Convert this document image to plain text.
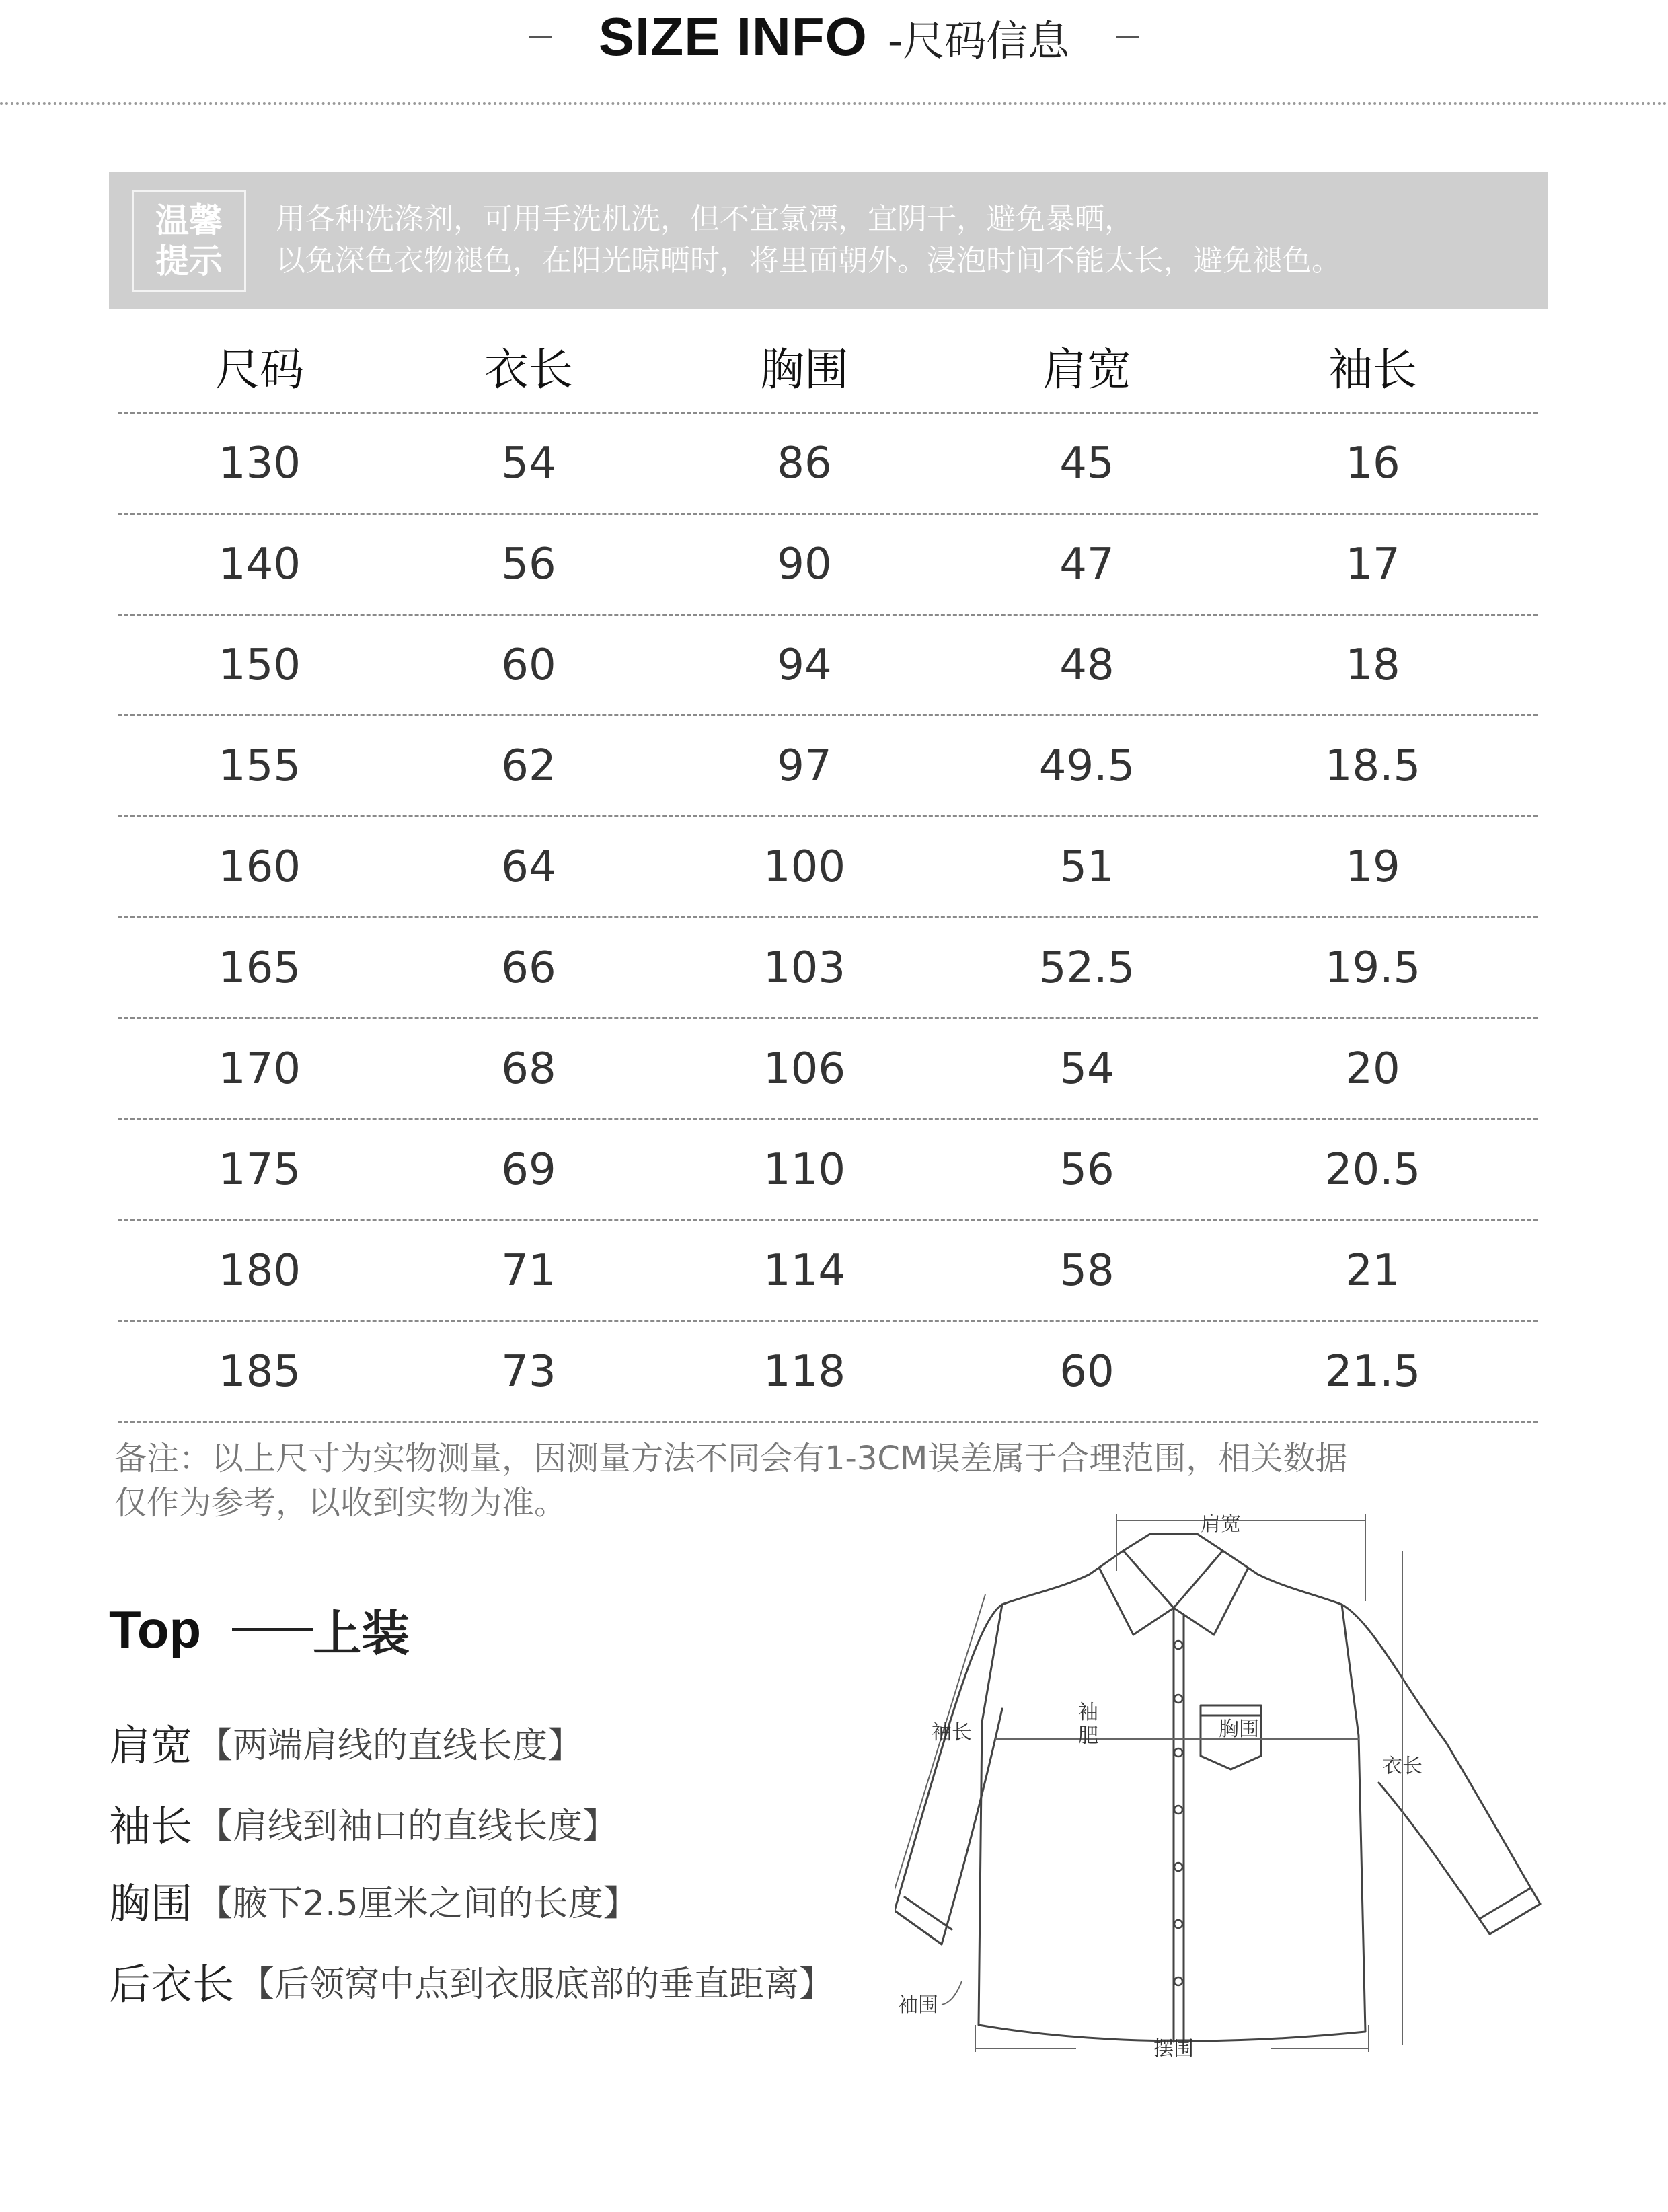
SIZE INFO -尺码信息
温馨
提示
用各种洗涤剂，可用手洗机洗，但不宜氯漂，宜阴干，避免暴晒，
以免深色衣物褪色，在阳光晾晒时，将里面朝外。浸泡时间不能太长，避免褪色。
尺码	衣长	胸围	肩宽	袖长
130	54	86	45	16
140	56	90	47	17
150	60	94	48	18
155	62	97	49.5	18.5
160	64	100	51	19
165	66	103	52.5	19.5
170	68	106	54	20
175	69	110	56	20.5
180	71	114	58	21
185	73	118	60	21.5
备注：以上尺寸为实物测量，因测量方法不同会有1-3CM误差属于合理范围，相关数据
仅作为参考，以收到实物为准。
Top 上装
肩宽 【两端肩线的直线长度】
袖长 【肩线到袖口的直线长度】
胸围 【腋下2.5厘米之间的长度】
后衣长 【后领窝中点到衣服底部的垂直距离】
肩宽
袖长
袖
肥	胸围
衣长
袖围
摆围
